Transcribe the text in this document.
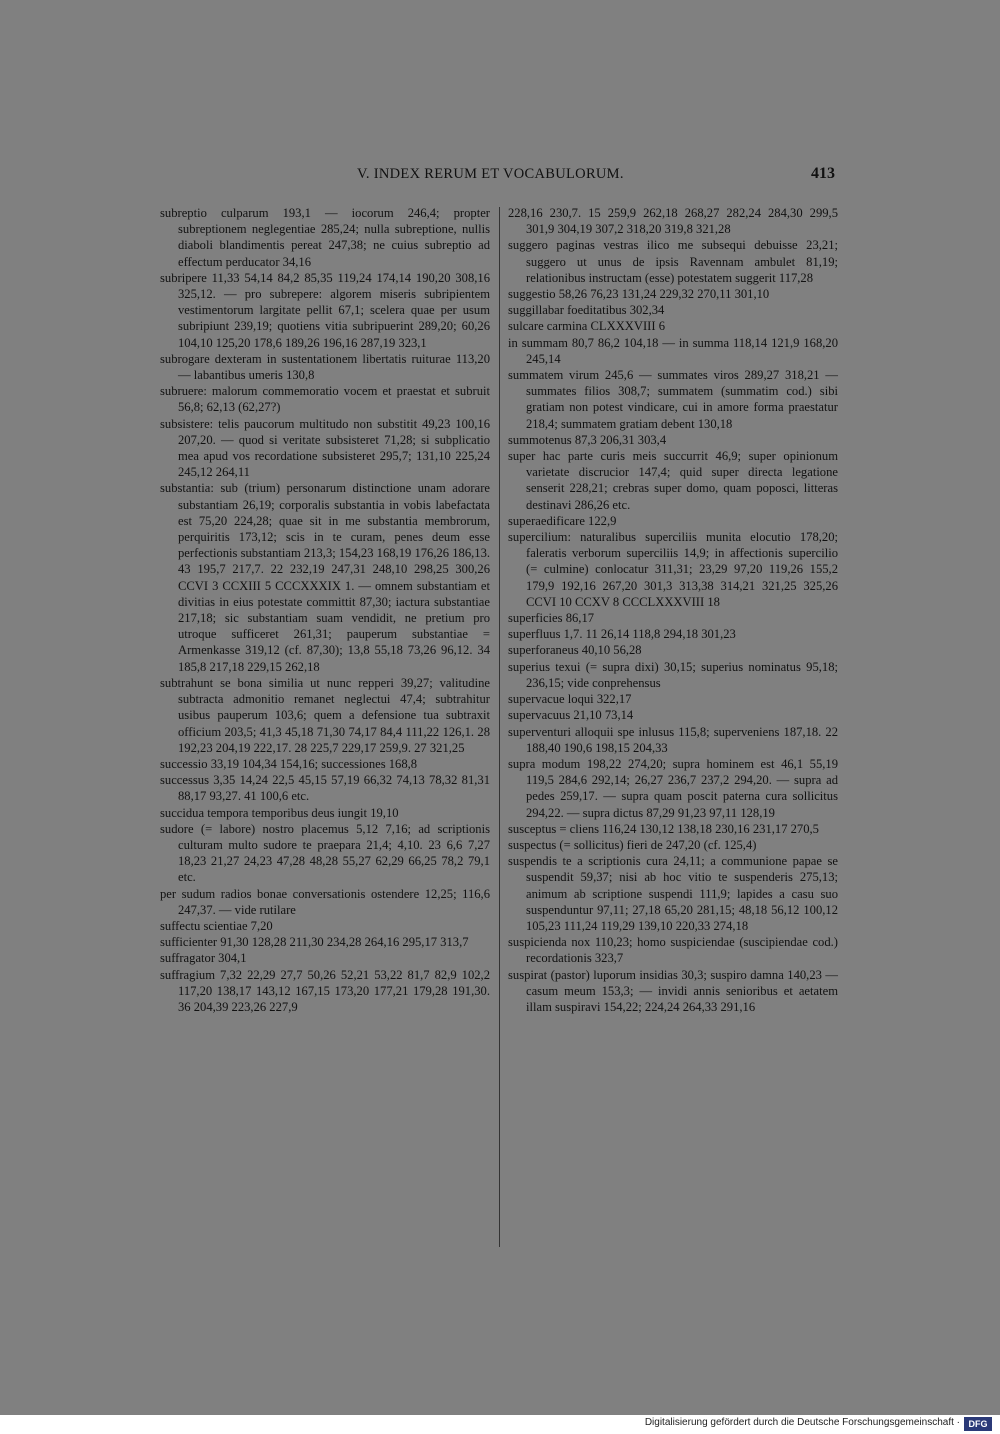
V. INDEX RERUM ET VOCABULORUM.	413

subreptio culparum 193,1 — iocorum 246,4; propter subreptionem neglegentiae 285,24; nulla subreptione, nullis diaboli blandimentis pereat 247,38; ne cuius subreptio ad effectum perducator 34,16

subripere 11,33 54,14 84,2 85,35 119,24 174,14 190,20 308,16 325,12. — pro subrepere: algorem miseris subripientem vestimentorum largitate pellit 67,1; scelera quae per usum subripiunt 239,19; quotiens vitia subripuerint 289,20; 60,26 104,10 125,20 178,6 189,26 196,16 287,19 323,1

subrogare dexteram in sustentationem libertatis ruiturae 113,20 — labantibus umeris 130,8

subruere: malorum commemoratio vocem et praestat et subruit 56,8; 62,13 (62,27?)

subsistere: telis paucorum multitudo non substitit 49,23 100,16 207,20. — quod si veritate subsisteret 71,28; si subplicatio mea apud vos recordatione subsisteret 295,7; 131,10 225,24 245,12 264,11

substantia: sub (trium) personarum distinctione unam adorare substantiam 26,19; corporalis substantia in vobis labefactata est 75,20 224,28; quae sit in me substantia membrorum, perquiritis 173,12; scis in te curam, penes deum esse perfectionis substantiam 213,3; 154,23 168,19 176,26 186,13. 43 195,7 217,7. 22 232,19 247,31 248,10 298,25 300,26 CCVI 3 CCXIII 5 CCCXXXIX 1. — omnem substantiam et divitias in eius potestate committit 87,30; iactura substantiae 217,18; sic substantiam suam vendidit, ne pretium pro utroque sufficeret 261,31; pauperum substantiae = Armenkasse 319,12 (cf. 87,30); 13,8 55,18 73,26 96,12. 34 185,8 217,18 229,15 262,18

subtrahunt se bona similia ut nunc repperi 39,27; valitudine subtracta admonitio remanet neglectui 47,4; subtrahitur usibus pauperum 103,6; quem a defensione tua subtraxit officium 203,5; 41,3 45,18 71,30 74,17 84,4 111,22 126,1. 28 192,23 204,19 222,17. 28 225,7 229,17 259,9. 27 321,25

successio 33,19 104,34 154,16; successiones 168,8

successus 3,35 14,24 22,5 45,15 57,19 66,32 74,13 78,32 81,31 88,17 93,27. 41 100,6 etc.

succidua tempora temporibus deus iungit 19,10

sudore (= labore) nostro placemus 5,12 7,16; ad scriptionis culturam multo sudore te praepara 21,4; 4,10. 23 6,6 7,27 18,23 21,27 24,23 47,28 48,28 55,27 62,29 66,25 78,2 79,1 etc.

per sudum radios bonae conversationis ostendere 12,25; 116,6 247,37. — vide rutilare

suffectu scientiae 7,20

sufficienter 91,30 128,28 211,30 234,28 264,16 295,17 313,7

suffragator 304,1

suffragium 7,32 22,29 27,7 50,26 52,21 53,22 81,7 82,9 102,2 117,20 138,17 143,12 167,15 173,20 177,21 179,28 191,30. 36 204,39 223,26 227,9

228,16 230,7. 15 259,9 262,18 268,27 282,24 284,30 299,5 301,9 304,19 307,2 318,20 319,8 321,28

suggero paginas vestras ilico me subsequi debuisse 23,21; suggero ut unus de ipsis Ravennam ambulet 81,19; relationibus instructam (esse) potestatem suggerit 117,28

suggestio 58,26 76,23 131,24 229,32 270,11 301,10

suggillabar foeditatibus 302,34

sulcare carmina CLXXXVIII 6

in summam 80,7 86,2 104,18 — in summa 118,14 121,9 168,20 245,14

summatem virum 245,6 — summates viros 289,27 318,21 — summates filios 308,7; summatem (summatim cod.) sibi gratiam non potest vindicare, cui in amore forma praestatur 218,4; summatem gratiam debent 130,18

summotenus 87,3 206,31 303,4

super hac parte curis meis succurrit 46,9; super opinionum varietate discrucior 147,4; quid super directa legatione senserit 228,21; crebras super domo, quam poposci, litteras destinavi 286,26 etc.

superaedificare 122,9

supercilium: naturalibus superciliis munita elocutio 178,20; faleratis verborum superciliis 14,9; in affectionis supercilio (= culmine) conlocatur 311,31; 23,29 97,20 119,26 155,2 179,9 192,16 267,20 301,3 313,38 314,21 321,25 325,26 CCVI 10 CCXV 8 CCCLXXXVIII 18

superficies 86,17

superfluus 1,7. 11 26,14 118,8 294,18 301,23

superforaneus 40,10 56,28

superius texui (= supra dixi) 30,15; superius nominatus 95,18; 236,15; vide conprehensus

supervacue loqui 322,17

supervacuus 21,10 73,14

superventuri alloquii spe inlusus 115,8; superveniens 187,18. 22 188,40 190,6 198,15 204,33

supra modum 198,22 274,20; supra hominem est 46,1 55,19 119,5 284,6 292,14; 26,27 236,7 237,2 294,20. — supra ad pedes 259,17. — supra quam poscit paterna cura sollicitus 294,22. — supra dictus 87,29 91,23 97,11 128,19

susceptus = cliens 116,24 130,12 138,18 230,16 231,17 270,5

suspectus (= sollicitus) fieri de 247,20 (cf. 125,4)

suspendis te a scriptionis cura 24,11; a communione papae se suspendit 59,37; nisi ab hoc vitio te suspenderis 275,13; animum ab scriptione suspendi 111,9; lapides a casu suo suspenduntur 97,11; 27,18 65,20 281,15; 48,18 56,12 100,12 105,23 111,24 119,29 139,10 220,33 274,18

suspicienda nox 110,23; homo suspiciendae (suscipiendae cod.) recordationis 323,7

suspirat (pastor) luporum insidias 30,3; suspiro damna 140,23 — casum meum 153,3; — invidi annis senioribus et aetatem illam suspiravi 154,22; 224,24 264,33 291,16

Digitalisierung gefördert durch die Deutsche Forschungsgemeinschaft · DFG
